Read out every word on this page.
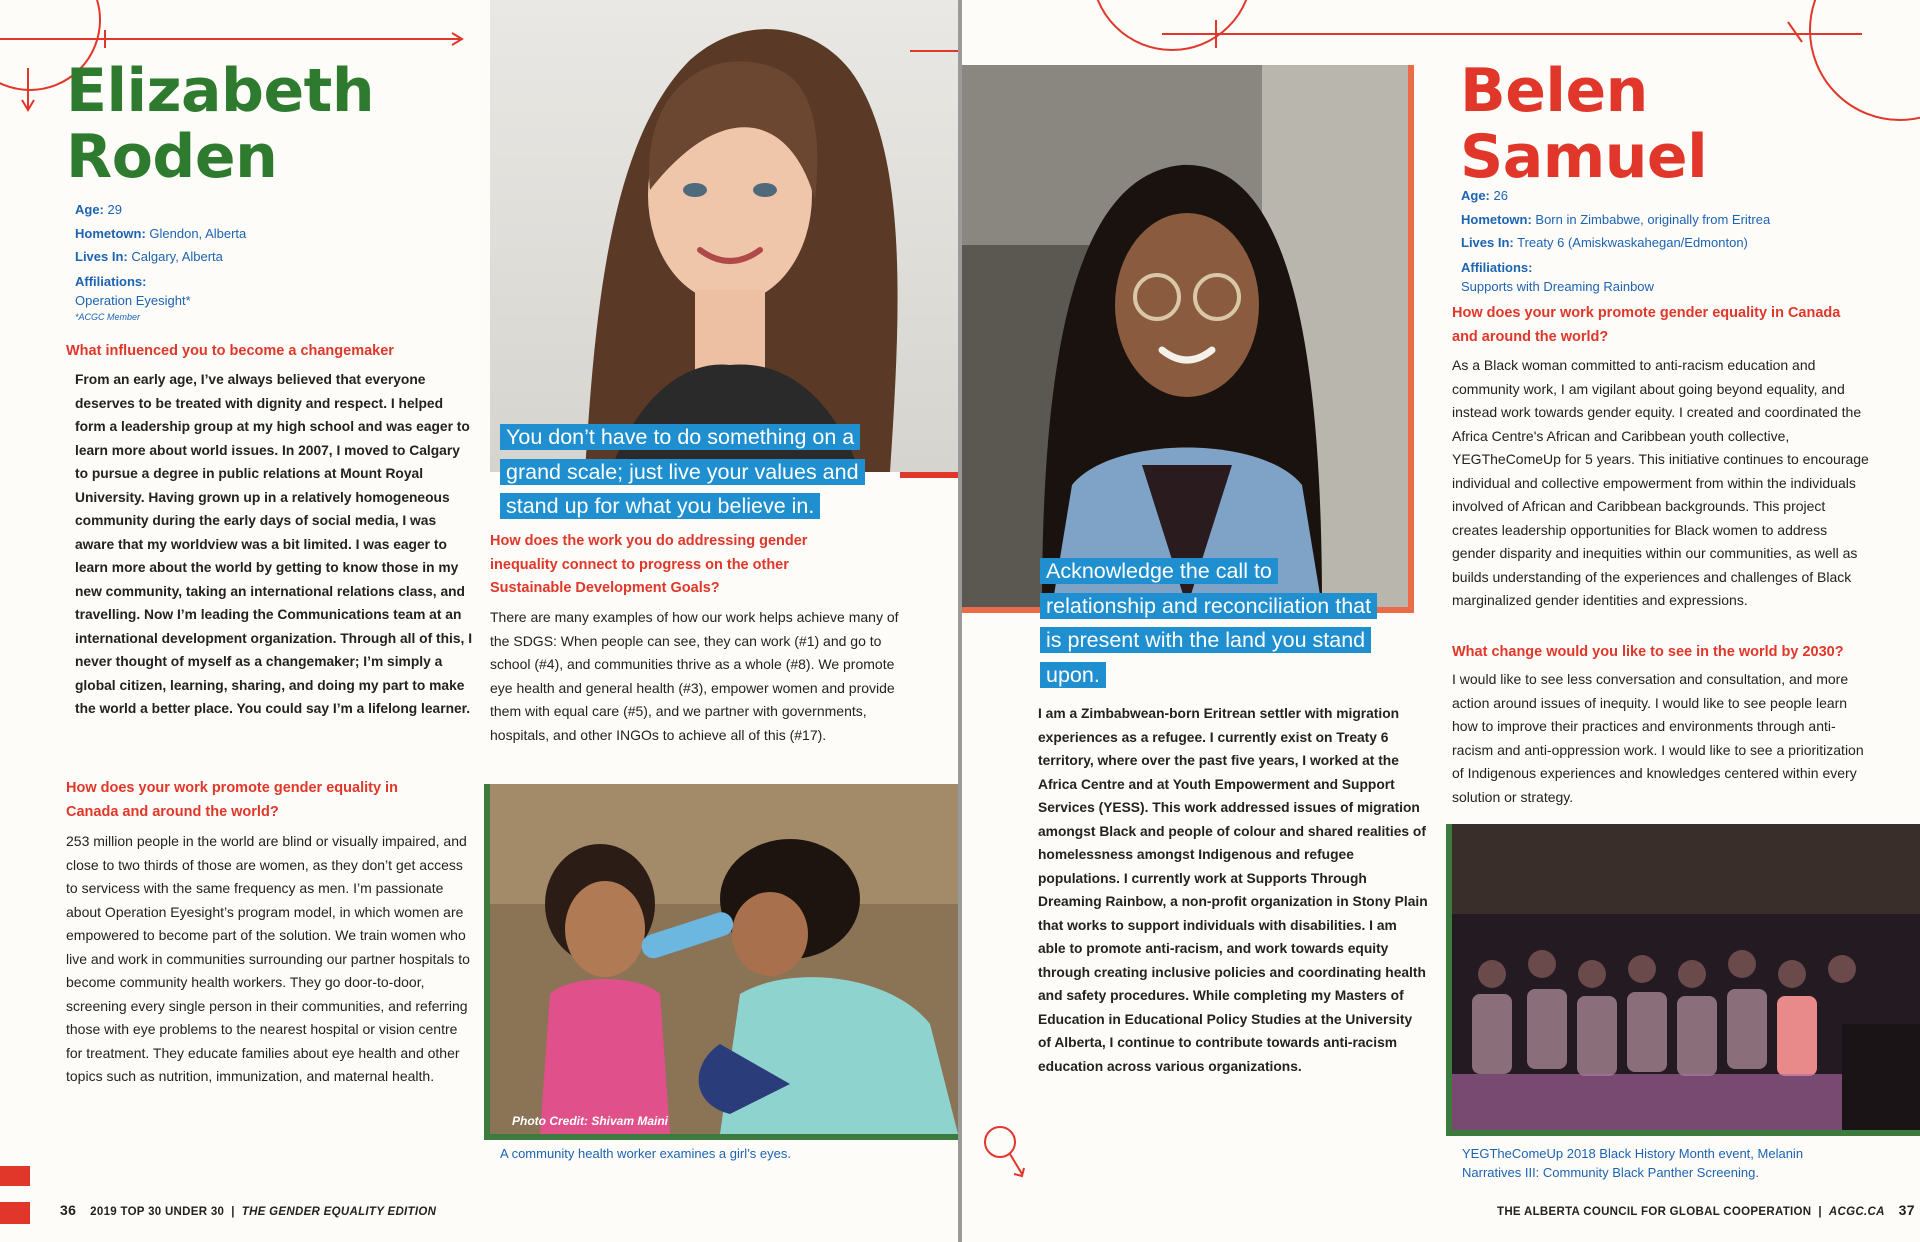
Elizabeth
Roden
Age: 29
Hometown: Glendon, Alberta
Lives In: Calgary, Alberta
Affiliations:
Operation Eyesight*
*ACGC Member

What influenced you to become a changemaker

From an early age, I’ve always believed that everyone deserves to be treated with dignity and respect. I helped form a leadership group at my high school and was eager to learn more about world issues. In 2007, I moved to Calgary to pursue a degree in public relations at Mount Royal University. Having grown up in a relatively homogeneous community during the early days of social media, I was aware that my worldview was a bit limited. I was eager to learn more about the world by getting to know those in my new community, taking an international relations class, and travelling. Now I’m leading the Communications team at an international development organization. Through all of this, I never thought of myself as a changemaker; I’m simply a global citizen, learning, sharing, and doing my part to make the world a better place. You could say I’m a lifelong learner.

How does your work promote gender equality in Canada and around the world?

253 million people in the world are blind or visually impaired, and close to two thirds of those are women, as they don’t get access to servicess with the same frequency as men. I’m passionate about Operation Eyesight’s program model, in which women are empowered to become part of the solution. We train women who live and work in communities surrounding our partner hospitals to become community health workers. They go door-to-door, screening every single person in their communities, and referring those with eye problems to the nearest hospital or vision centre for treatment. They educate families about eye health and other topics such as nutrition, immunization, and maternal health.

You don’t have to do something on a grand scale; just live your values and stand up for what you believe in.

How does the work you do addressing gender inequality connect to progress on the other Sustainable Development Goals?

There are many examples of how our work helps achieve many of the SDGS: When people can see, they can work (#1) and go to school (#4), and communities thrive as a whole (#8). We promote eye health and general health (#3), empower women and provide them with equal care (#5), and we partner with governments, hospitals, and other INGOs to achieve all of this (#17).

Photo Credit: Shivam Maini

A community health worker examines a girl’s eyes.

36 2019 TOP 30 UNDER 30 | THE GENDER EQUALITY EDITION

Acknowledge the call to relationship and reconciliation that is present with the land you stand upon.

I am a Zimbabwean-born Eritrean settler with migration experiences as a refugee. I currently exist on Treaty 6 territory, where over the past five years, I worked at the Africa Centre and at Youth Empowerment and Support Services (YESS). This work addressed issues of migration amongst Black and people of colour and shared realities of homelessness amongst Indigenous and refugee populations. I currently work at Supports Through Dreaming Rainbow, a non-profit organization in Stony Plain that works to support individuals with disabilities. I am able to promote anti-racism, and work towards equity through creating inclusive policies and coordinating health and safety procedures. While completing my Masters of Education in Educational Policy Studies at the University of Alberta, I continue to contribute towards anti-racism education across various organizations.

Belen
Samuel
Age: 26
Hometown: Born in Zimbabwe, originally from Eritrea
Lives In: Treaty 6 (Amiskwaskahegan/Edmonton)
Affiliations:
Supports with Dreaming Rainbow

How does your work promote gender equality in Canada and around the world?

As a Black woman committed to anti-racism education and community work, I am vigilant about going beyond equality, and instead work towards gender equity. I created and coordinated the Africa Centre's African and Caribbean youth collective, YEGTheComeUp for 5 years. This initiative continues to encourage individual and collective empowerment from within the individuals involved of African and Caribbean backgrounds. This project creates leadership opportunities for Black women to address gender disparity and inequities within our communities, as well as builds understanding of the experiences and challenges of Black marginalized gender identities and expressions.

What change would you like to see in the world by 2030?

I would like to see less conversation and consultation, and more action around issues of inequity. I would like to see people learn how to improve their practices and environments through anti-racism and anti-oppression work. I would like to see a prioritization of Indigenous experiences and knowledges centered within every solution or strategy.

YEGTheComeUp 2018 Black History Month event, Melanin Narratives III: Community Black Panther Screening.

THE ALBERTA COUNCIL FOR GLOBAL COOPERATION | ACGC.CA 37
